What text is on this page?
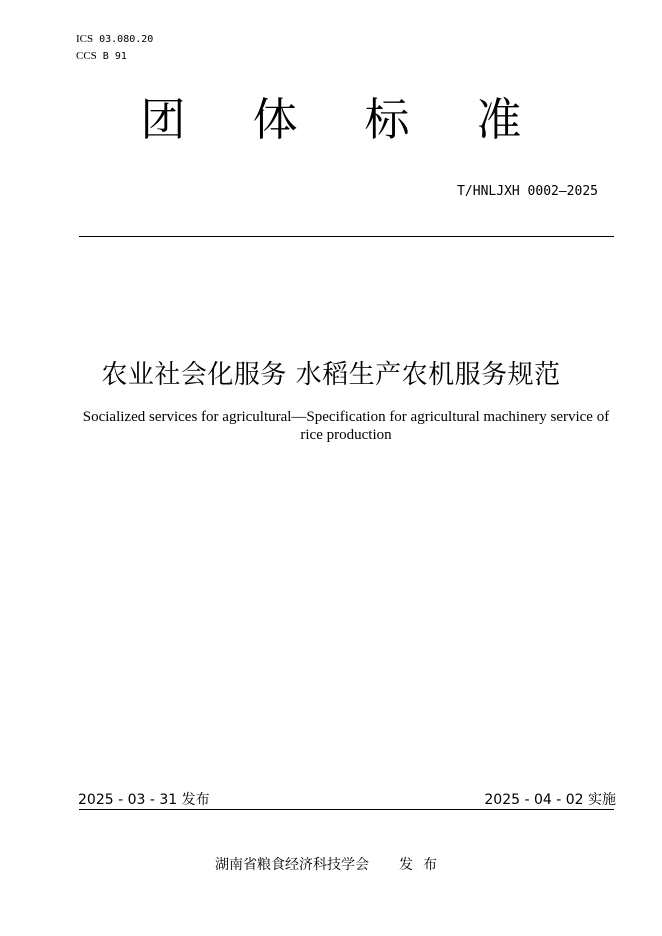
ICS 03.080.20
CCS B 91
团	体	标	准
T/HNLJXH 0002—2025
农业社会化服务 水稻生产农机服务规范
Socialized services for agricultural—Specification for agricultural machinery service of rice production
2025 - 03 - 31 发布	2025 - 04 - 02 实施
湖南省粮食经济科技学会 发布
